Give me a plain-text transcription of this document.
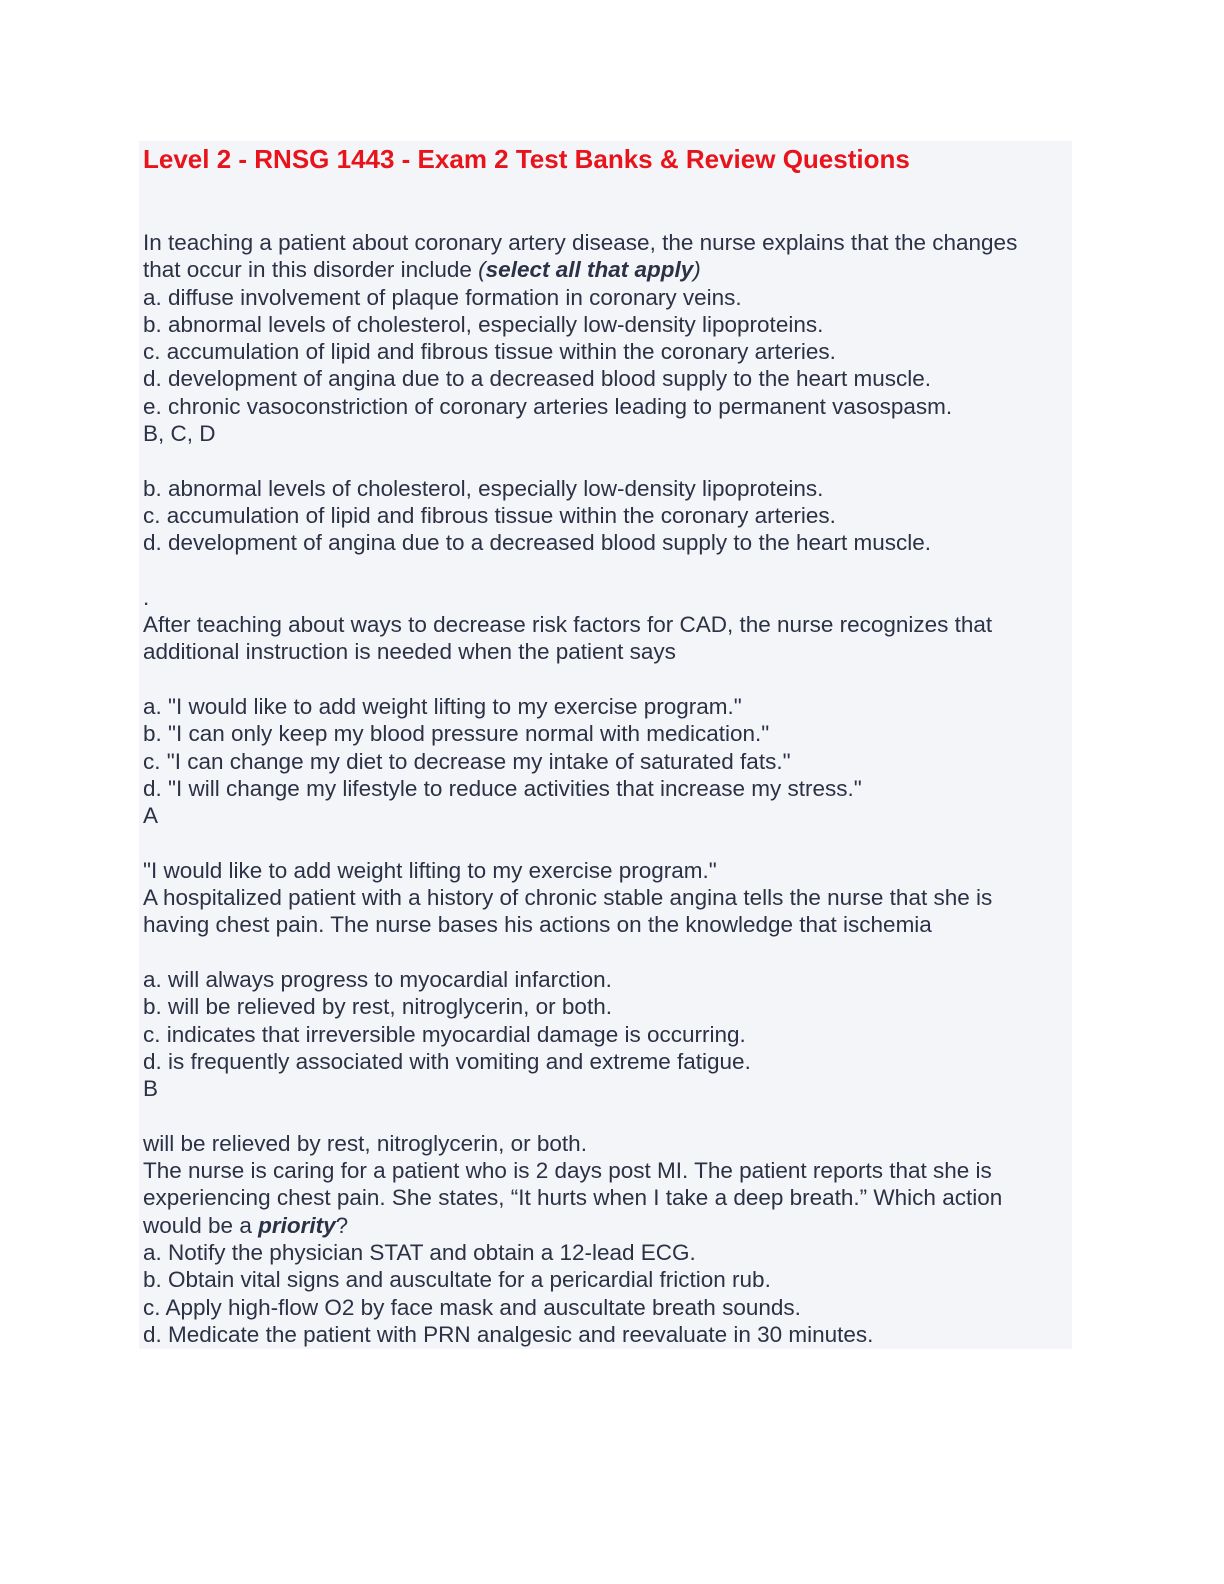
Level 2 - RNSG 1443 - Exam 2 Test Banks & Review Questions
In teaching a patient about coronary artery disease, the nurse explains that the changes
that occur in this disorder include (select all that apply)
a. diffuse involvement of plaque formation in coronary veins.
b. abnormal levels of cholesterol, especially low-density lipoproteins.
c. accumulation of lipid and fibrous tissue within the coronary arteries.
d. development of angina due to a decreased blood supply to the heart muscle.
e. chronic vasoconstriction of coronary arteries leading to permanent vasospasm.
B, C, D
b. abnormal levels of cholesterol, especially low-density lipoproteins.
c. accumulation of lipid and fibrous tissue within the coronary arteries.
d. development of angina due to a decreased blood supply to the heart muscle.
.
After teaching about ways to decrease risk factors for CAD, the nurse recognizes that
additional instruction is needed when the patient says
a. "I would like to add weight lifting to my exercise program."
b. "I can only keep my blood pressure normal with medication."
c. "I can change my diet to decrease my intake of saturated fats."
d. "I will change my lifestyle to reduce activities that increase my stress."
A
"I would like to add weight lifting to my exercise program."
A hospitalized patient with a history of chronic stable angina tells the nurse that she is
having chest pain. The nurse bases his actions on the knowledge that ischemia
a. will always progress to myocardial infarction.
b. will be relieved by rest, nitroglycerin, or both.
c. indicates that irreversible myocardial damage is occurring.
d. is frequently associated with vomiting and extreme fatigue.
B
will be relieved by rest, nitroglycerin, or both.
The nurse is caring for a patient who is 2 days post MI. The patient reports that she is
experiencing chest pain. She states, “It hurts when I take a deep breath.” Which action
would be a priority?
a. Notify the physician STAT and obtain a 12-lead ECG.
b. Obtain vital signs and auscultate for a pericardial friction rub.
c. Apply high-flow O2 by face mask and auscultate breath sounds.
d. Medicate the patient with PRN analgesic and reevaluate in 30 minutes.
